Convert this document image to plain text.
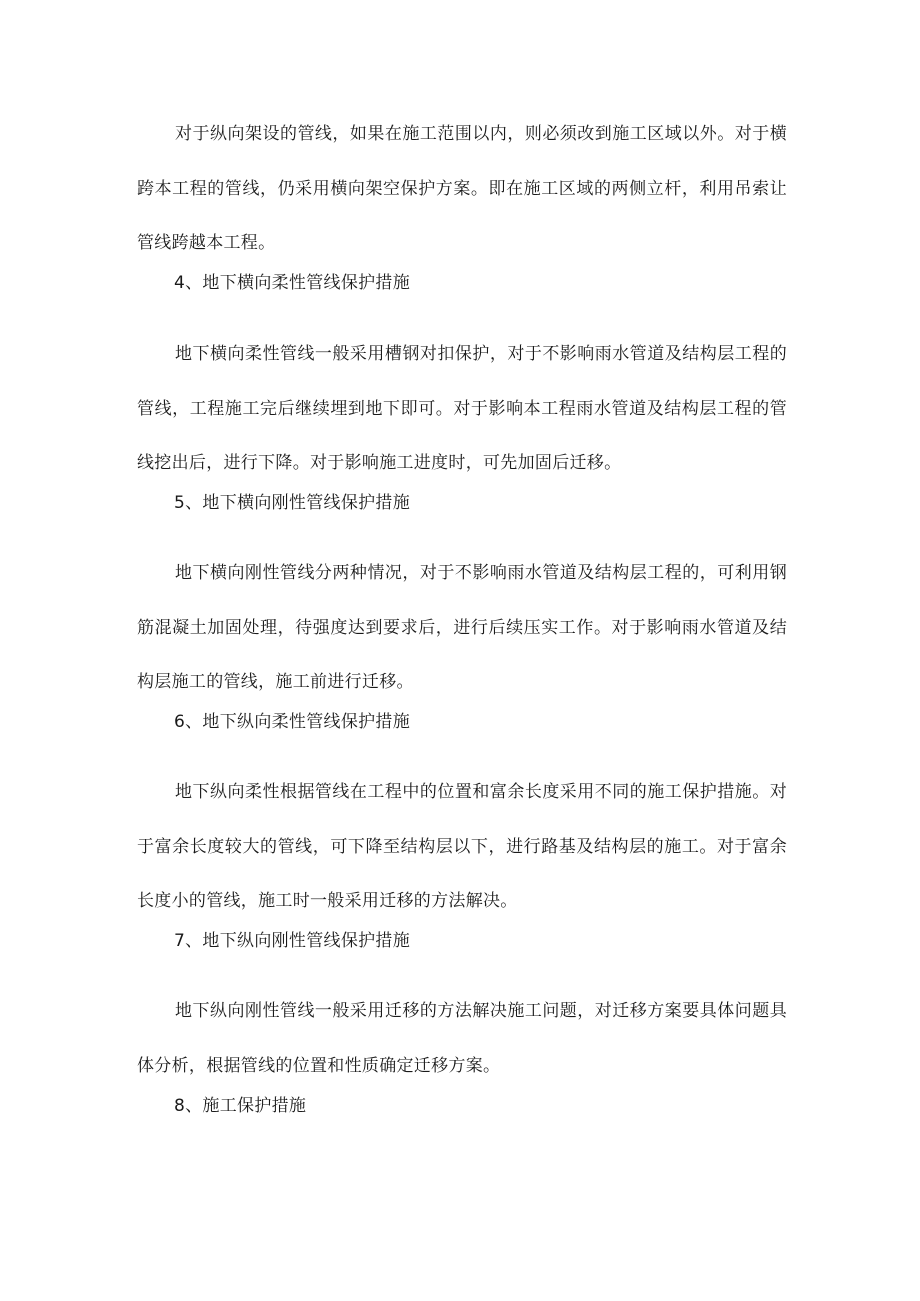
对于纵向架设的管线，如果在施工范围以内，则必须改到施工区域以外。对于横跨本工程的管线，仍采用横向架空保护方案。即在施工区域的两侧立杆，利用吊索让管线跨越本工程。

4、地下横向柔性管线保护措施

地下横向柔性管线一般采用槽钢对扣保护，对于不影响雨水管道及结构层工程的管线，工程施工完后继续埋到地下即可。对于影响本工程雨水管道及结构层工程的管线挖出后，进行下降。对于影响施工进度时，可先加固后迁移。

5、地下横向刚性管线保护措施

地下横向刚性管线分两种情况，对于不影响雨水管道及结构层工程的，可利用钢筋混凝土加固处理，待强度达到要求后，进行后续压实工作。对于影响雨水管道及结构层施工的管线，施工前进行迁移。

6、地下纵向柔性管线保护措施

地下纵向柔性根据管线在工程中的位置和富余长度采用不同的施工保护措施。对于富余长度较大的管线，可下降至结构层以下，进行路基及结构层的施工。对于富余长度小的管线，施工时一般采用迁移的方法解决。

7、地下纵向刚性管线保护措施

地下纵向刚性管线一般采用迁移的方法解决施工问题，对迁移方案要具体问题具体分析，根据管线的位置和性质确定迁移方案。

8、施工保护措施
